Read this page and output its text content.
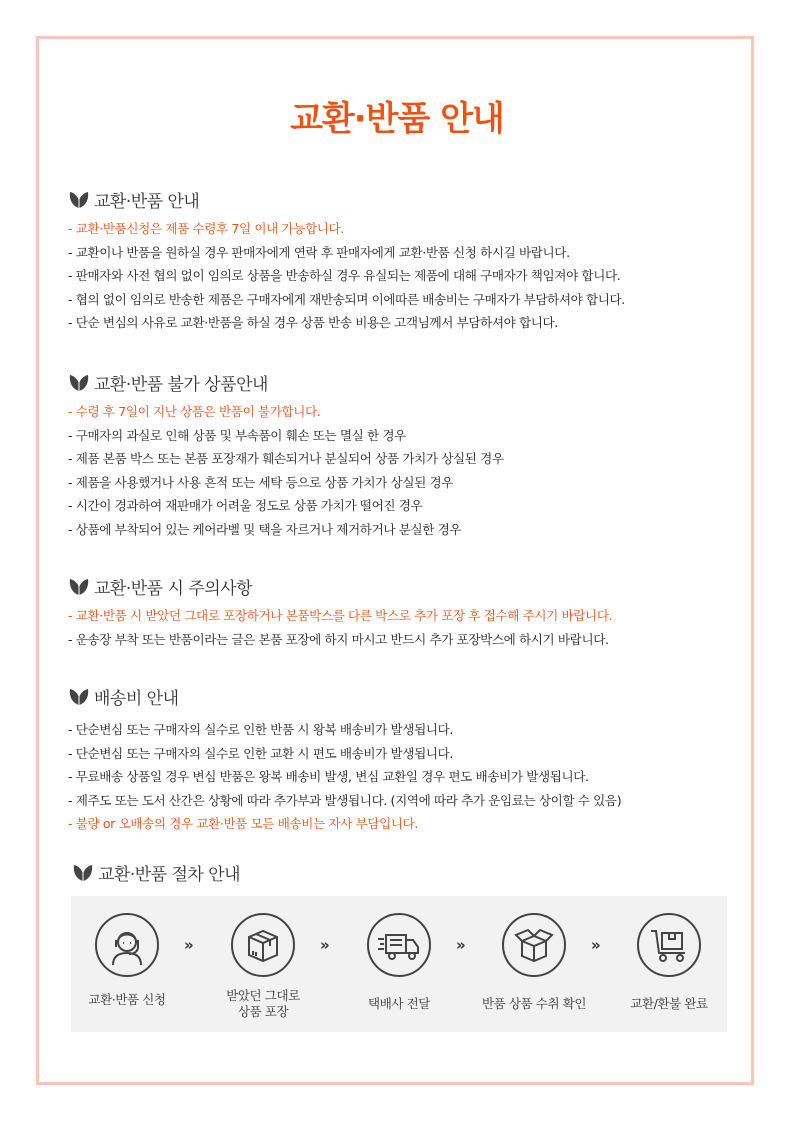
교환·반품 안내
교환·반품 안내
- 교환·반품신청은 제품 수령후 7일 이내 가능합니다.
- 교환이나 반품을 원하실 경우 판매자에게 연락 후 판매자에게 교환·반품 신청 하시길 바랍니다.
- 판매자와 사전 협의 없이 임의로 상품을 반송하실 경우 유실되는 제품에 대해 구매자가 책임져야 합니다.
- 협의 없이 임의로 반송한 제품은 구매자에게 재반송되며 이에따른 배송비는 구매자가 부담하셔야 합니다.
- 단순 변심의 사유로 교환·반품을 하실 경우 상품 반송 비용은 고객님께서 부담하셔야 합니다.
교환·반품 불가 상품안내
- 수령 후 7일이 지난 상품은 반품이 불가합니다.
- 구매자의 과실로 인해 상품 및 부속품이 훼손 또는 멸실 한 경우
- 제품 본품 박스 또는 본품 포장재가 훼손되거나 분실되어 상품 가치가 상실된 경우
- 제품을 사용했거나 사용 흔적 또는 세탁 등으로 상품 가치가 상실된 경우
- 시간이 경과하여 재판매가 어려울 정도로 상품 가치가 떨어진 경우
- 상품에 부착되어 있는 케어라벨 및 택을 자르거나 제거하거나 분실한 경우
교환·반품 시 주의사항
- 교환·반품 시 받았던 그대로 포장하거나 본품박스를 다른 박스로 추가 포장 후 접수해 주시기 바랍니다.
- 운송장 부착 또는 반품이라는 글은 본품 포장에 하지 마시고 반드시 추가 포장박스에 하시기 바랍니다.
배송비 안내
- 단순변심 또는 구매자의 실수로 인한 반품 시 왕복 배송비가 발생됩니다.
- 단순변심 또는 구매자의 실수로 인한 교환 시 편도 배송비가 발생됩니다.
- 무료배송 상품일 경우 변심 반품은 왕복 배송비 발생, 변심 교환일 경우 편도 배송비가 발생됩니다.
- 제주도 또는 도서 산간은 상황에 따라 추가부과 발생됩니다. (지역에 따라 추가 운임료는 상이할 수 있음)
- 불량 or 오배송의 경우 교환·반품 모든 배송비는 자사 부담입니다.
교환·반품 절차 안내
교환·반품 신청
»
받았던 그대로
상품 포장
»
택배사 전달
»
반품 상품 수취 확인
»
교환/환불 완료
